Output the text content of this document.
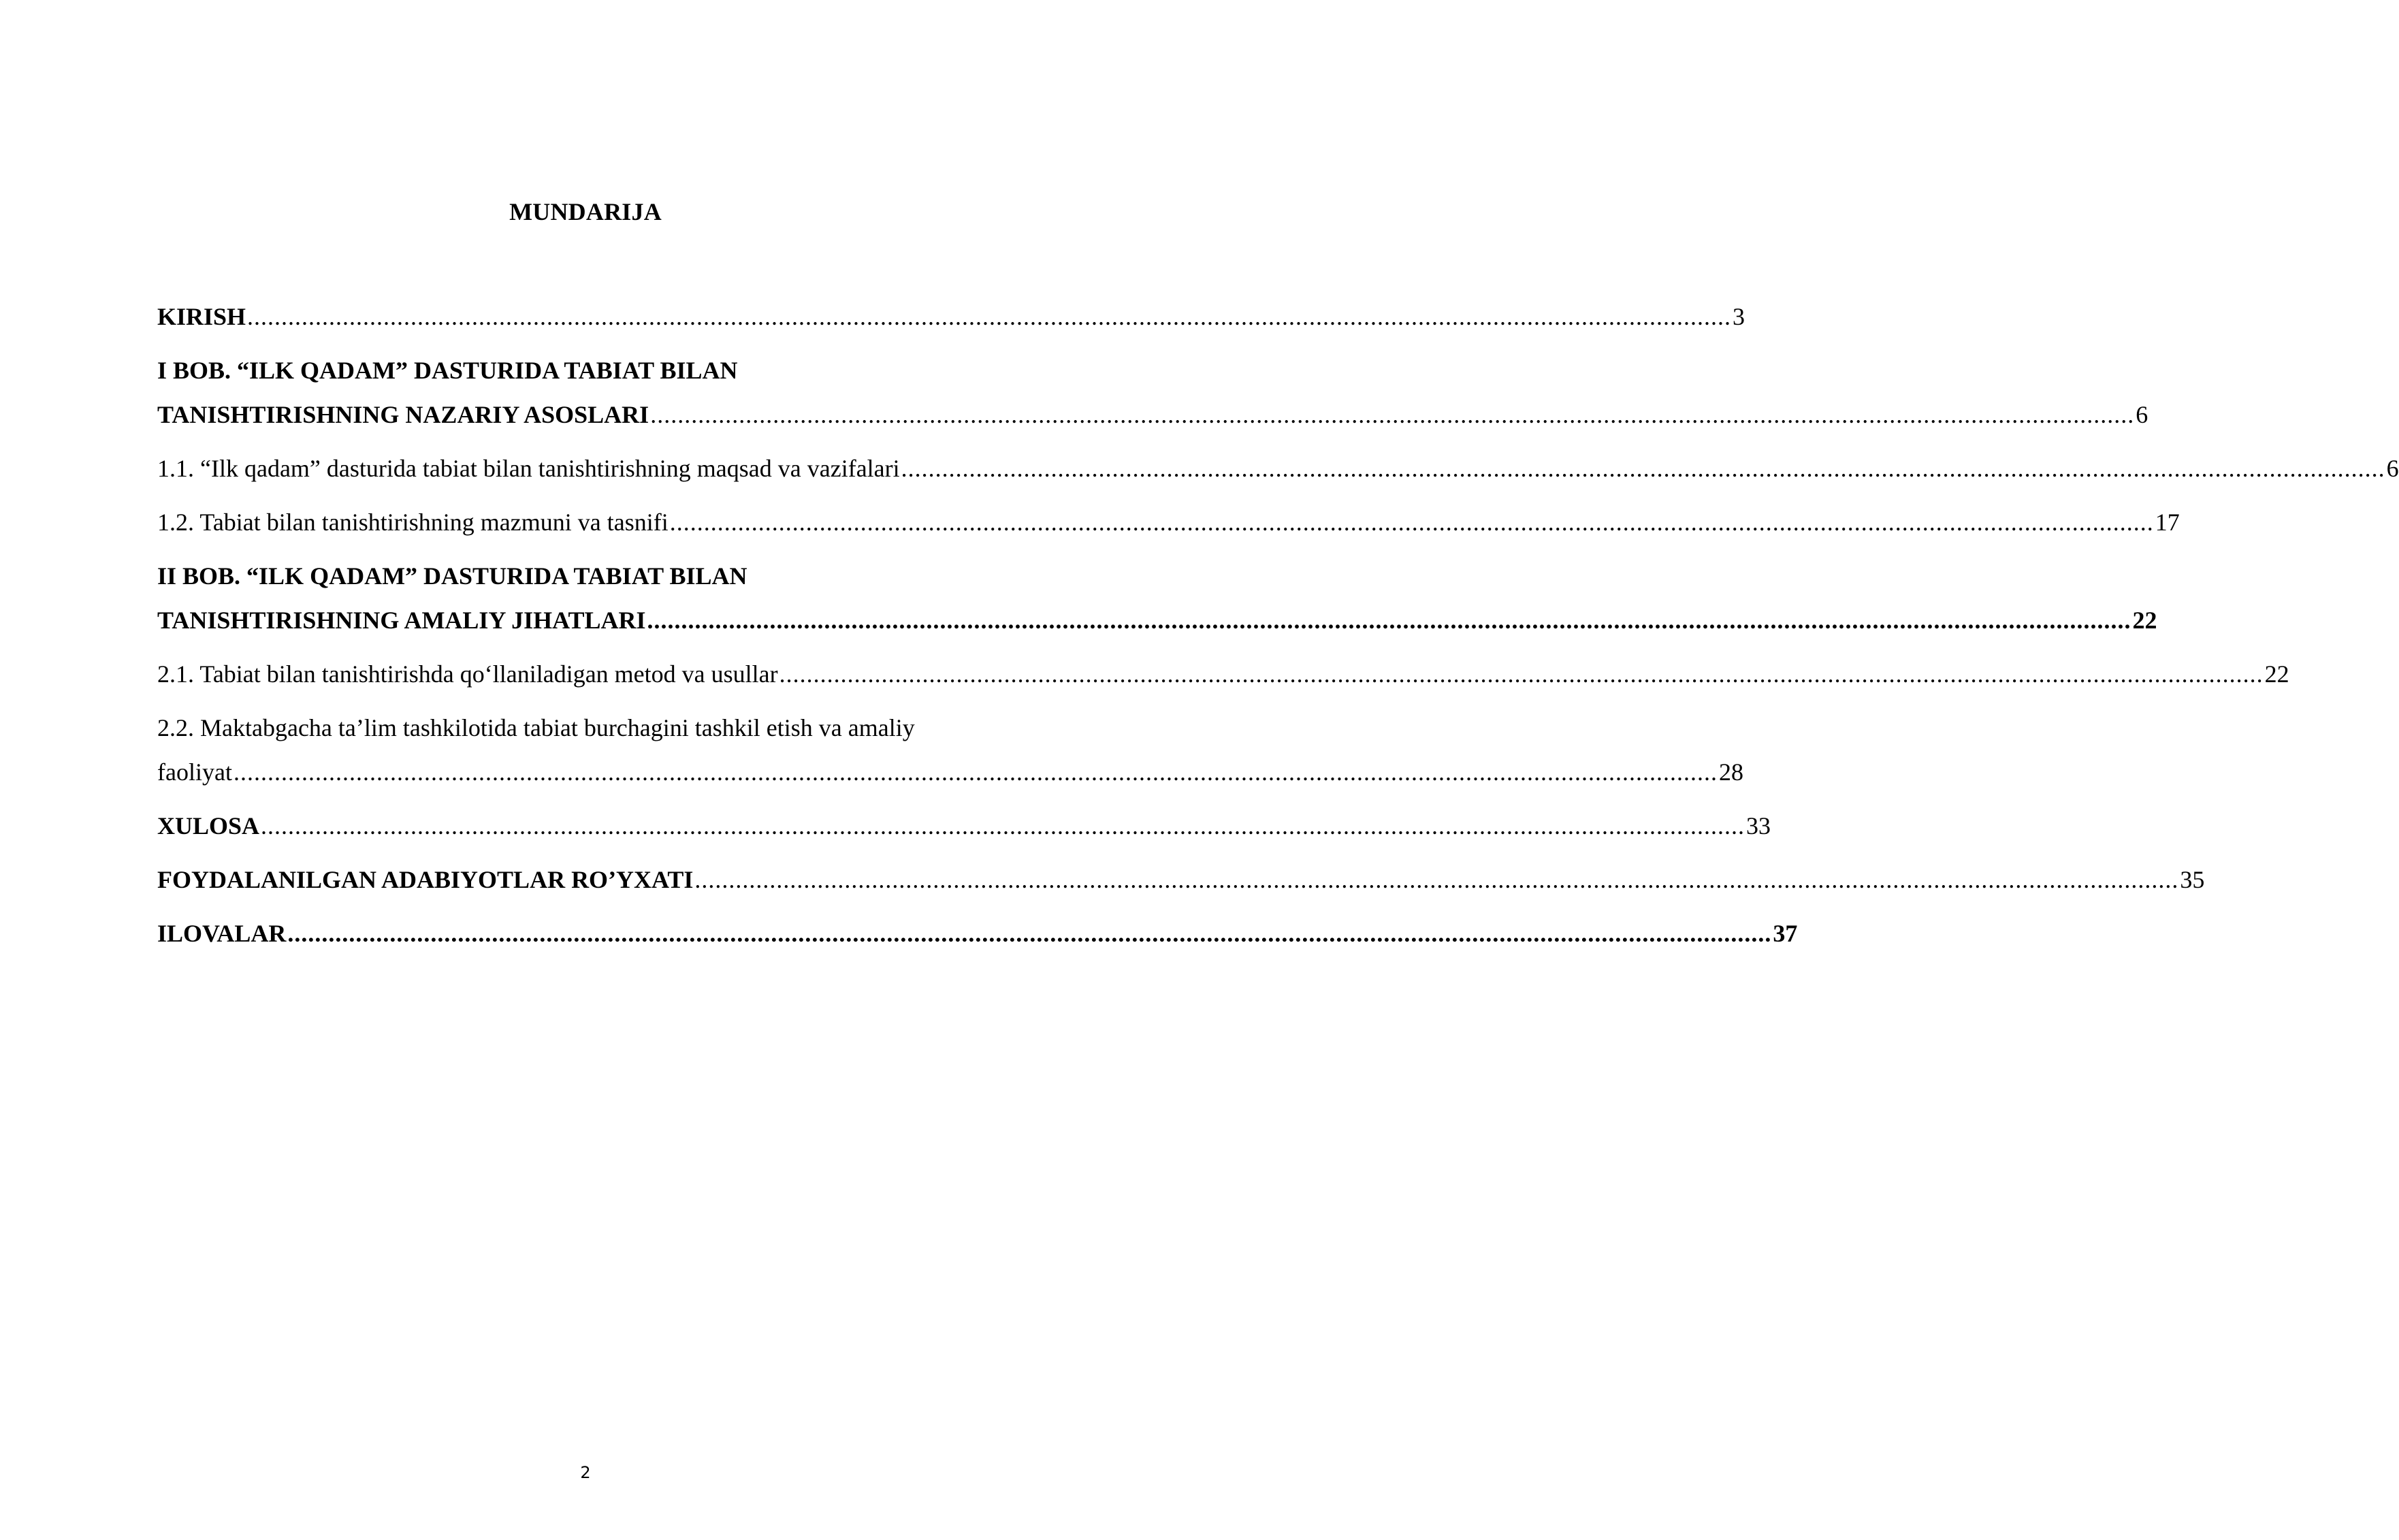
MUNDARIJA
KIRISH .......................................................................................................................................................................................................................... 3
I BOB. “ILK QADAM” DASTURIDA TABIAT BILAN
TANISHTIRISHNING NAZARIY ASOSLARI .......................................................................................................................................................................................................................... 6
1.1. “Ilk qadam” dasturida tabiat bilan tanishtirishning maqsad va vazifalari .......................................................................................................................................................................................................................... 6
1.2. Tabiat bilan tanishtirishning mazmuni va tasnifi .......................................................................................................................................................................................................................... 17
II BOB. “ILK QADAM” DASTURIDA TABIAT BILAN
TANISHTIRISHNING AMALIY JIHATLARI .......................................................................................................................................................................................................................... 22
2.1. Tabiat bilan tanishtirishda qo‘llaniladigan metod va usullar .......................................................................................................................................................................................................................... 22
2.2. Maktabgacha ta’lim tashkilotida tabiat burchagini tashkil etish va amaliy
faoliyat .......................................................................................................................................................................................................................... 28
XULOSA .......................................................................................................................................................................................................................... 33
FOYDALANILGAN ADABIYOTLAR RO’YXATI .......................................................................................................................................................................................................................... 35
ILOVALAR .......................................................................................................................................................................................................................... 37
2
